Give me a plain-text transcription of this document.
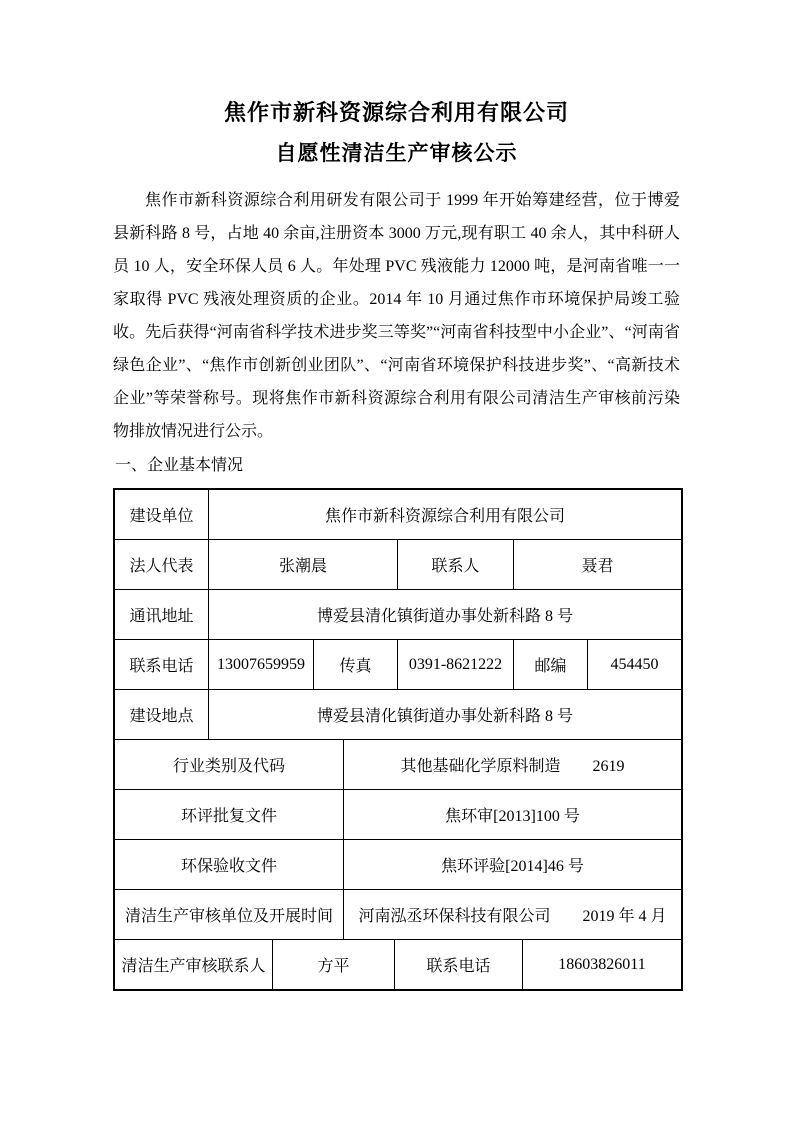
焦作市新科资源综合利用有限公司
自愿性清洁生产审核公示

焦作市新科资源综合利用研发有限公司于 1999 年开始筹建经营，位于博爱县新科路 8 号，占地 40 余亩,注册资本 3000 万元,现有职工 40 余人，其中科研人员 10 人，安全环保人员 6 人。年处理 PVC 残液能力 12000 吨，是河南省唯一一家取得 PVC 残液处理资质的企业。2014 年 10 月通过焦作市环境保护局竣工验收。先后获得“河南省科学技术进步奖三等奖”“河南省科技型中小企业”、“河南省绿色企业”、“焦作市创新创业团队”、“河南省环境保护科技进步奖”、“高新技术企业”等荣誉称号。现将焦作市新科资源综合利用有限公司清洁生产审核前污染物排放情况进行公示。

一、企业基本情况
建设单位	焦作市新科资源综合利用有限公司
法人代表	张潮晨	联系人	聂君
通讯地址	博爱县清化镇街道办事处新科路 8 号
联系电话	13007659959	传真	0391-8621222	邮编	454450
建设地点	博爱县清化镇街道办事处新科路 8 号
行业类别及代码	其他基础化学原料制造　　2619
环评批复文件	焦环审[2013]100 号
环保验收文件	焦环评验[2014]46 号
清洁生产审核单位及开展时间	河南泓丞环保科技有限公司　　2019 年 4 月
清洁生产审核联系人	方平	联系电话	18603826011
